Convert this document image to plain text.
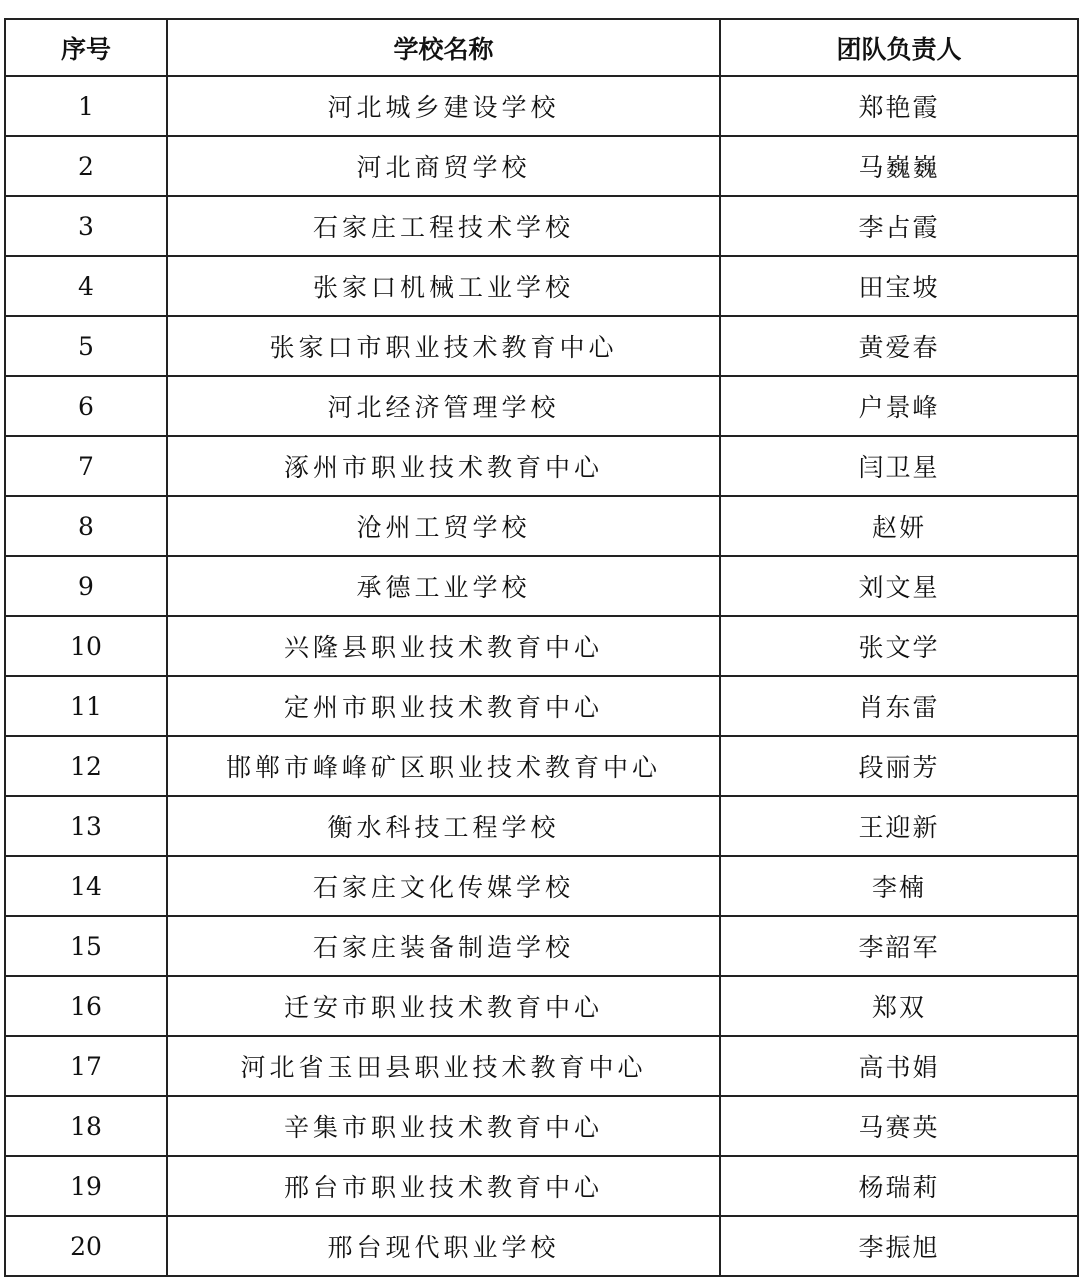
序号	学校名称	团队负责人
1	河北城乡建设学校	郑艳霞
2	河北商贸学校	马巍巍
3	石家庄工程技术学校	李占霞
4	张家口机械工业学校	田宝坡
5	张家口市职业技术教育中心	黄爱春
6	河北经济管理学校	户景峰
7	涿州市职业技术教育中心	闫卫星
8	沧州工贸学校	赵妍
9	承德工业学校	刘文星
10	兴隆县职业技术教育中心	张文学
11	定州市职业技术教育中心	肖东雷
12	邯郸市峰峰矿区职业技术教育中心	段丽芳
13	衡水科技工程学校	王迎新
14	石家庄文化传媒学校	李楠
15	石家庄装备制造学校	李韶军
16	迁安市职业技术教育中心	郑双
17	河北省玉田县职业技术教育中心	高书娟
18	辛集市职业技术教育中心	马赛英
19	邢台市职业技术教育中心	杨瑞莉
20	邢台现代职业学校	李振旭
